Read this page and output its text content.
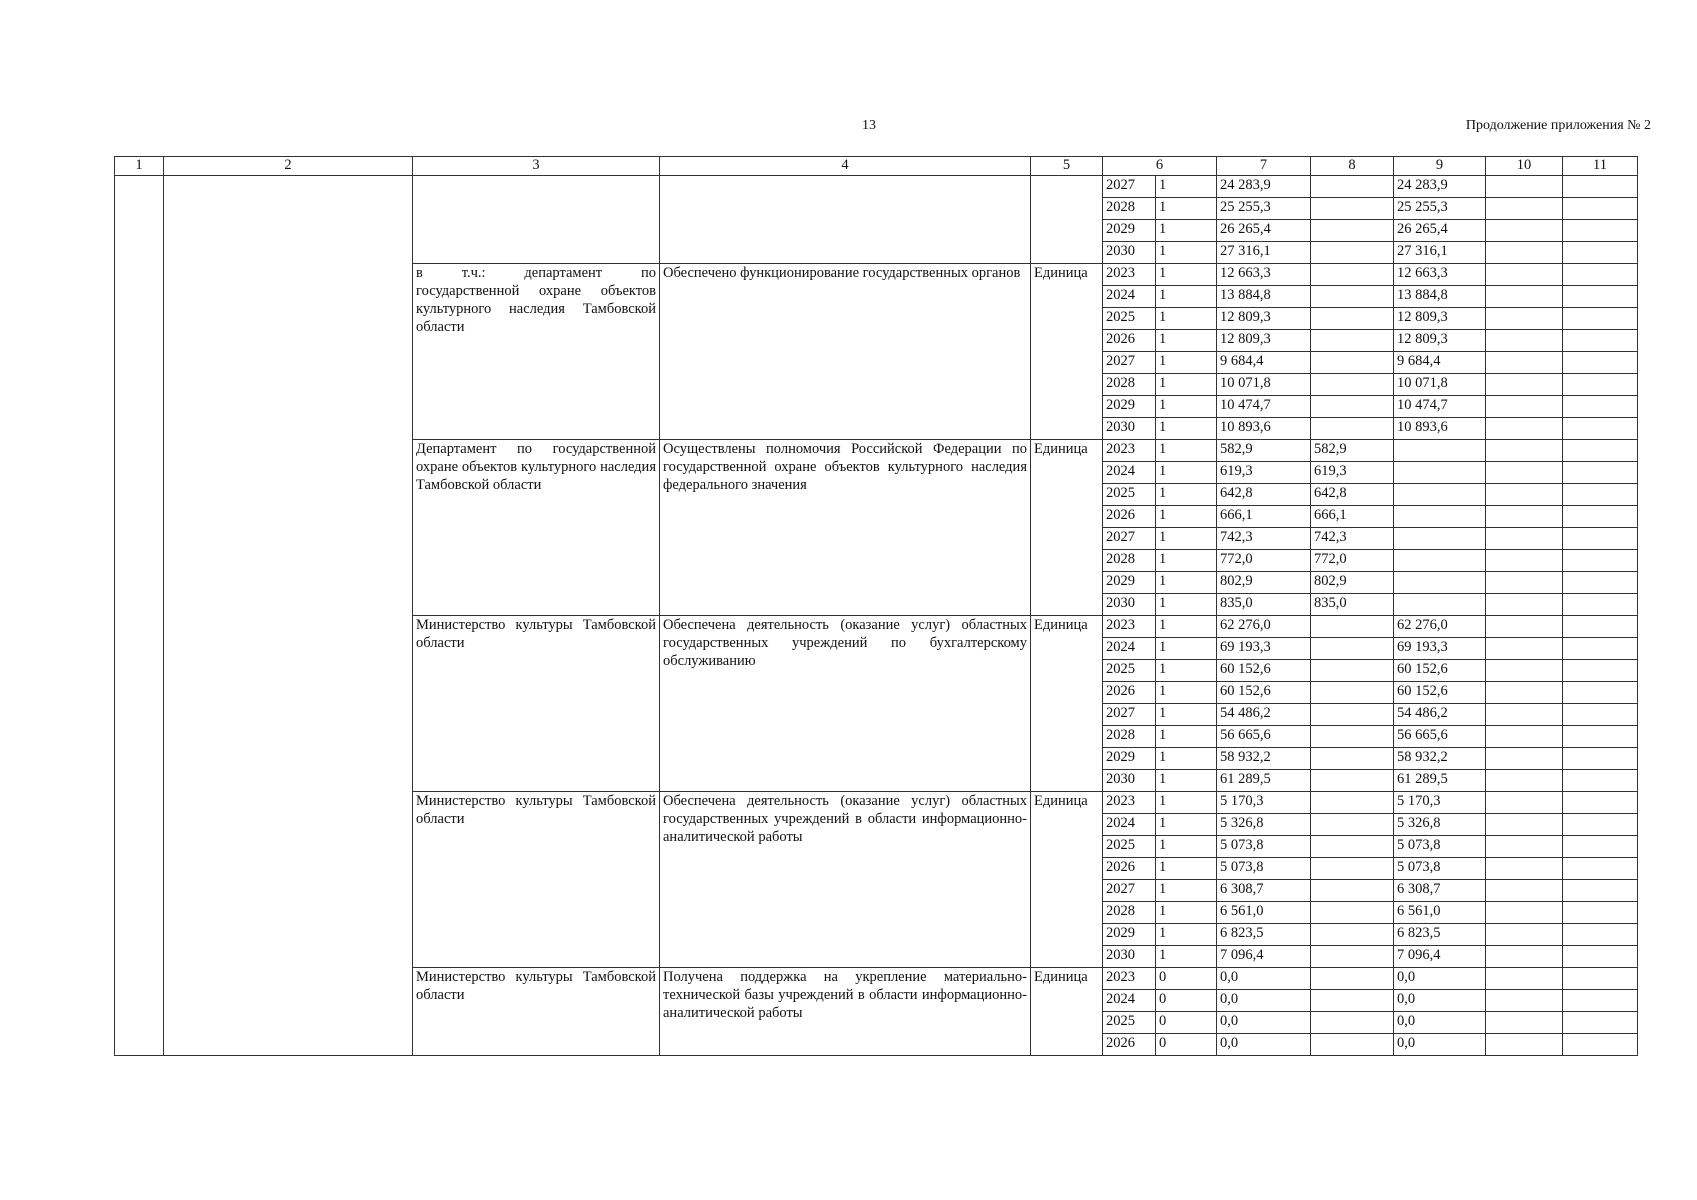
13	Продолжение приложения № 2
1	2	3	4	5	6		7	8	9	10	11
					2027	1	24 283,9		24 283,9		
					2028	1	25 255,3		25 255,3		
					2029	1	26 265,4		26 265,4		
					2030	1	27 316,1		27 316,1		
		в т.ч.: департамент по государственной охране объектов культурного наследия Тамбовской области	Обеспечено функционирование государственных органов	Единица	2023	1	12 663,3		12 663,3		
					2024	1	13 884,8		13 884,8		
					2025	1	12 809,3		12 809,3		
					2026	1	12 809,3		12 809,3		
					2027	1	9 684,4		9 684,4		
					2028	1	10 071,8		10 071,8		
					2029	1	10 474,7		10 474,7		
					2030	1	10 893,6		10 893,6		
		Департамент по государственной охране объектов культурного наследия Тамбовской области	Осуществлены полномочия Российской Федерации по государственной охране объектов культурного наследия федерального значения	Единица	2023	1	582,9	582,9			
					2024	1	619,3	619,3			
					2025	1	642,8	642,8			
					2026	1	666,1	666,1			
					2027	1	742,3	742,3			
					2028	1	772,0	772,0			
					2029	1	802,9	802,9			
					2030	1	835,0	835,0			
		Министерство культуры Тамбовской области	Обеспечена деятельность (оказание услуг) областных государственных учреждений по бухгалтерскому обслуживанию	Единица	2023	1	62 276,0		62 276,0		
					2024	1	69 193,3		69 193,3		
					2025	1	60 152,6		60 152,6		
					2026	1	60 152,6		60 152,6		
					2027	1	54 486,2		54 486,2		
					2028	1	56 665,6		56 665,6		
					2029	1	58 932,2		58 932,2		
					2030	1	61 289,5		61 289,5		
		Министерство культуры Тамбовской области	Обеспечена деятельность (оказание услуг) областных государственных учреждений в области информационно-аналитической работы	Единица	2023	1	5 170,3		5 170,3		
					2024	1	5 326,8		5 326,8		
					2025	1	5 073,8		5 073,8		
					2026	1	5 073,8		5 073,8		
					2027	1	6 308,7		6 308,7		
					2028	1	6 561,0		6 561,0		
					2029	1	6 823,5		6 823,5		
					2030	1	7 096,4		7 096,4		
		Министерство культуры Тамбовской области	Получена поддержка на укрепление материально-технической базы учреждений в области информационно-аналитической работы	Единица	2023	0	0,0		0,0		
					2024	0	0,0		0,0		
					2025	0	0,0		0,0		
					2026	0	0,0		0,0		
